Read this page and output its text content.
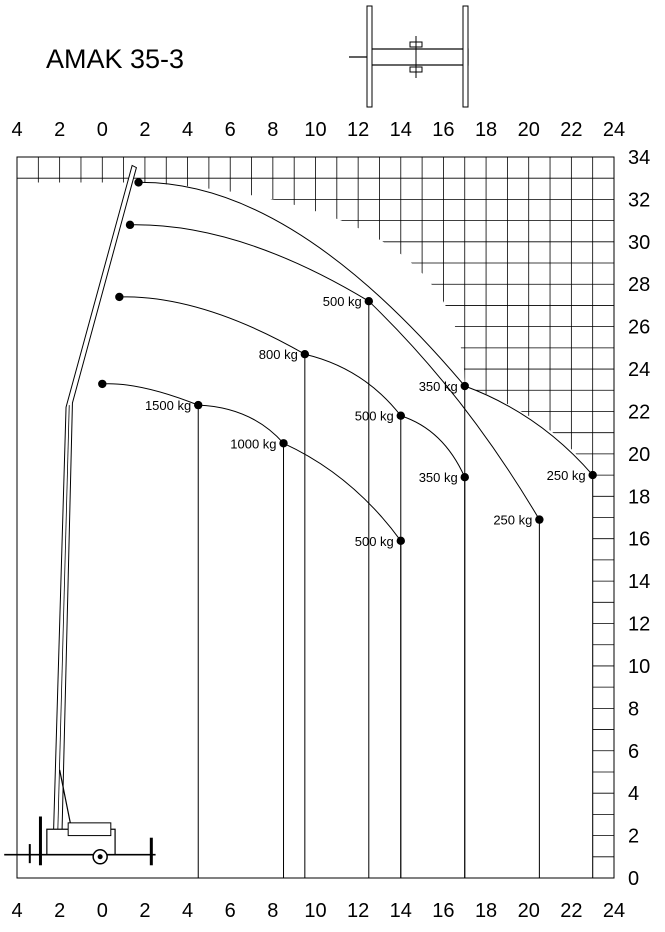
AMAK 35-3
4
4
2
2
0
0
2
2
4
4
6
6
8
8
10
10
12
12
14
14
16
16
18
18
20
20
22
22
24
24
0
2
4
6
8
10
12
14
16
18
20
22
24
26
28
30
32
34
1500 kg
1000 kg
500 kg
800 kg
500 kg
350 kg
500 kg
250 kg
350 kg
250 kg
